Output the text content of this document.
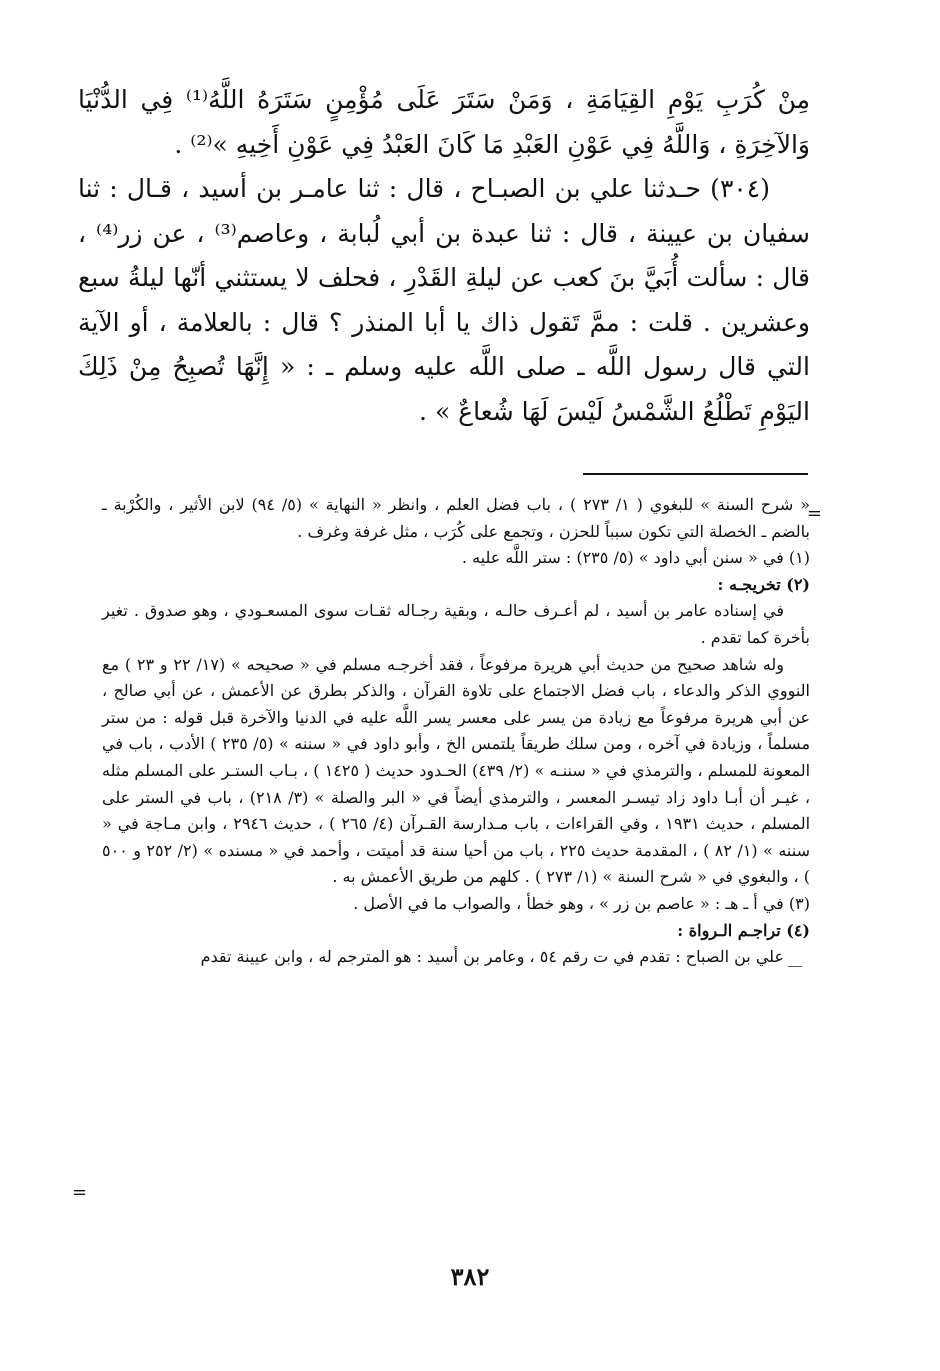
مِنْ كُرَبِ يَوْمِ القِيَامَةِ ، وَمَنْ سَتَرَ عَلَى مُؤْمِنٍ سَتَرَهُ اللَّهُ⁽¹⁾ فِي الدُّنْيَا وَالآخِرَةِ ، وَاللَّهُ فِي عَوْنِ العَبْدِ مَا كَانَ العَبْدُ فِي عَوْنِ أَخِيهِ »⁽²⁾ .

(٣٠٤) حـدثنا علي بن الصبـاح ، قال : ثنا عامـر بن أسيد ، قـال : ثنا سفيان بن عيينة ، قال : ثنا عبدة بن أبي لُبابة ، وعاصم⁽³⁾ ، عن زر⁽⁴⁾ ، قال : سألت أُبَيَّ بنَ كعب عن ليلةِ القَدْرِ ، فحلف لا يستثني أنّها ليلةُ سبع وعشرين . قلت : ممَّ تَقول ذاك يا أبا المنذر ؟ قال : بالعلامة ، أو الآية التي قال رسول اللَّه ـ صلى اللَّه عليه وسلم ـ : « إِنَّهَا تُصبِحُ مِنْ ذَلِكَ اليَوْمِ تَطْلُعُ الشَّمْسُ لَيْسَ لَهَا شُعاعٌ » .

=

« شرح السنة » للبغوي ( ١/ ٢٧٣ ) ، باب فضل العلم ، وانظر « النهاية » (٥/ ٩٤) لابن الأثير ، والكُرْبة ـ بالضم ـ الخصلة التي تكون سبباً للحزن ، وتجمع على كُرَب ، مثل غرفة وغرف .

(١) في « سنن أبي داود » (٥/ ٢٣٥) : ستر اللَّه عليه .

(٢) تخريجـه :

في إسناده عامر بن أسيد ، لم أعـرف حالـه ، وبقية رجـاله ثقـات سوى المسعـودي ، وهو صدوق . تغير بأخرة كما تقدم .

وله شاهد صحيح من حديث أبي هريرة مرفوعاً ، فقد أخرجـه مسلم في « صحيحه » (١٧/ ٢٢ و ٢٣ ) مع النووي الذكر والدعاء ، باب فضل الاجتماع على تلاوة القرآن ، والذكر بطرق عن الأعمش ، عن أبي صالح ، عن أبي هريرة مرفوعاً مع زيادة من يسر على معسر يسر اللَّه عليه في الدنيا والآخرة قبل قوله : من ستر مسلماً ، وزيادة في آخره ، ومن سلك طريقاً يلتمس الخ ، وأبو داود في « سننه » (٥/ ٢٣٥ ) الأدب ، باب في المعونة للمسلم ، والترمذي في « سننـه » (٢/ ٤٣٩) الحـدود حديث ( ١٤٢٥ ) ، بـاب الستـر على المسلم مثله ، غيـر أن أبـا داود زاد تيسـر المعسر ، والترمذي أيضاً في « البر والصلة » (٣/ ٢١٨) ، باب في الستر على المسلم ، حديث ١٩٣١ ، وفي القراءات ، باب مـدارسة القـرآن (٤/ ٢٦٥ ) ، حديث ٢٩٤٦ ، وابن مـاجة في « سننه » (١/ ٨٢ ) ، المقدمة حديث ٢٢٥ ، باب من أحيا سنة قد أميتت ، وأحمد في « مسنده » (٢/ ٢٥٢ و ٥٠٠ ) ، والبغوي في « شرح السنة » (١/ ٢٧٣ ) . كلهم من طريق الأعمش به .

(٣) في أ ـ هـ : « عاصم بن زر » ، وهو خطأ ، والصواب ما في الأصل .

(٤) تراجـم الـرواة :

علي بن الصباح : تقدم في ت رقم ٥٤ ، وعامر بن أسيد : هو المترجم له ، وابن عيينة تقدم

=
٣٨٢
